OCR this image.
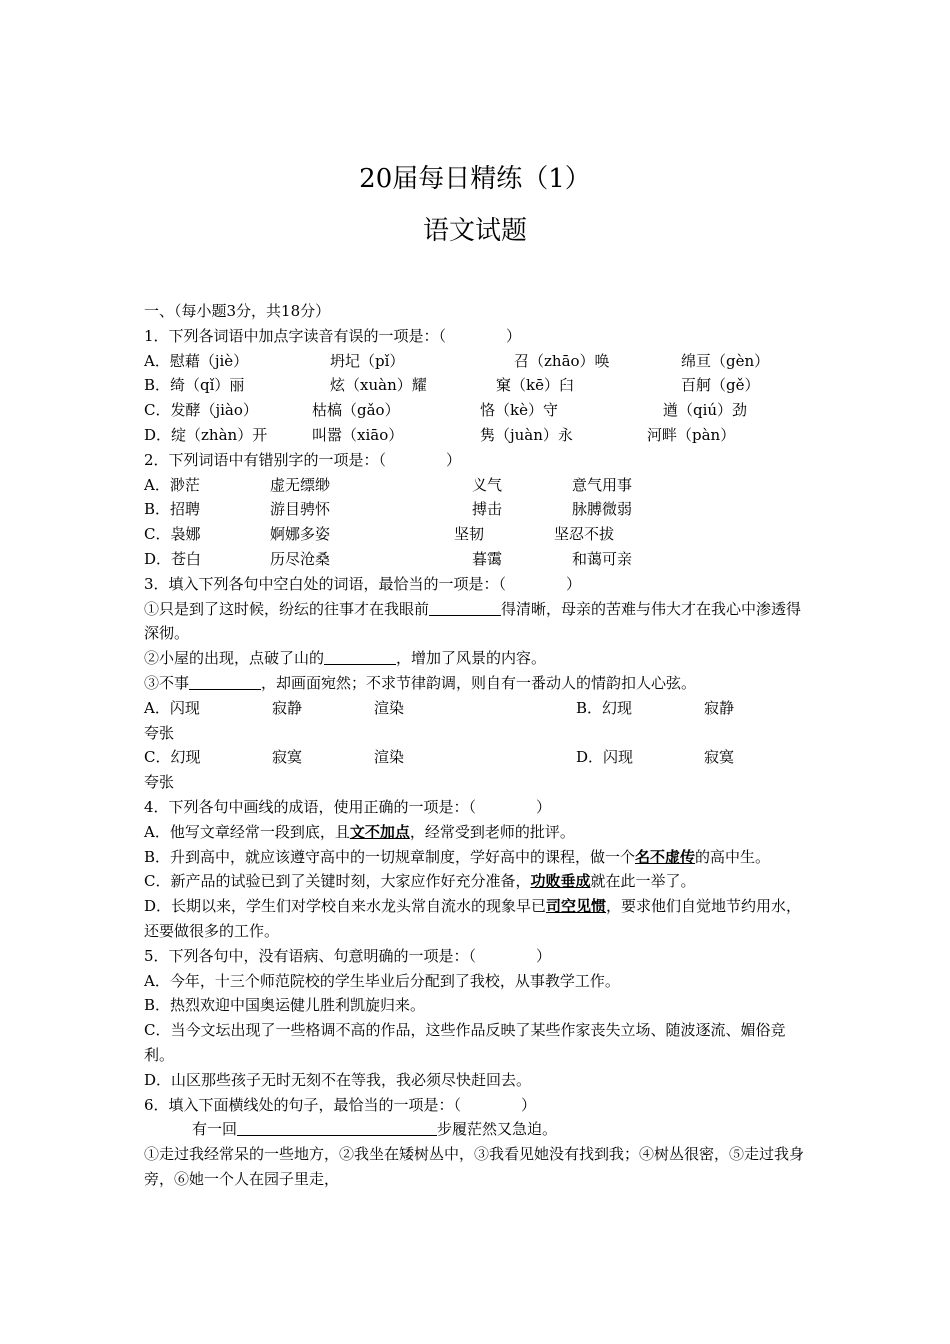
20届每日精练（1）
语文试题
一、（每小题3分，共18分）
1．下列各词语中加点字读音有误的一项是：（　　　　）
A．慰藉（jiè）	坍圮（pǐ）	召（zhāo）唤	绵亘（gèn）
B．绮（qǐ）丽	炫（xuàn）耀	窠（kē）臼	百舸（gě）
C．发酵（jiào）	枯槁（gǎo）	恪（kè）守	遒（qiú）劲
D．绽（zhàn）开	叫嚣（xiāo）	隽（juàn）永	河畔（pàn）
2．下列词语中有错别字的一项是：（　　　　）
A．渺茫	虚无缥缈	义气	意气用事
B．招聘	游目骋怀	搏击	脉膊微弱
C．袅娜	婀娜多姿	坚韧	坚忍不拔
D．苍白	历尽沧桑	暮霭	和蔼可亲
3．填入下列各句中空白处的词语，最恰当的一项是：（　　　　）
①只是到了这时候，纷纭的往事才在我眼前	得清晰，母亲的苦难与伟大才在我心中渗透得深彻。
②小屋的出现，点破了山的	，增加了风景的内容。
③不事	，却画面宛然；不求节律韵调，则自有一番动人的情韵扣人心弦。
A．闪现	寂静	渲染	B．幻现	寂静
夸张
C．幻现	寂寞	渲染	D．闪现	寂寞
夸张
4．下列各句中画线的成语，使用正确的一项是：（　　　　）
A．他写文章经常一段到底，且文不加点，经常受到老师的批评。
B．升到高中，就应该遵守高中的一切规章制度，学好高中的课程，做一个名不虚传的高中生。
C．新产品的试验已到了关键时刻，大家应作好充分准备，功败垂成就在此一举了。
D．长期以来，学生们对学校自来水龙头常自流水的现象早已司空见惯，要求他们自觉地节约用水，还要做很多的工作。
5．下列各句中，没有语病、句意明确的一项是：（　　　　）
A．今年，十三个师范院校的学生毕业后分配到了我校，从事教学工作。
B．热烈欢迎中国奥运健儿胜利凯旋归来。
C．当今文坛出现了一些格调不高的作品，这些作品反映了某些作家丧失立场、随波逐流、媚俗竞利。
D．山区那些孩子无时无刻不在等我，我必须尽快赶回去。
6．填入下面横线处的句子，最恰当的一项是：（　　　　）
有一回	步履茫然又急迫。
①走过我经常呆的一些地方，②我坐在矮树丛中，③我看见她没有找到我；④树丛很密，⑤走过我身旁，⑥她一个人在园子里走，
